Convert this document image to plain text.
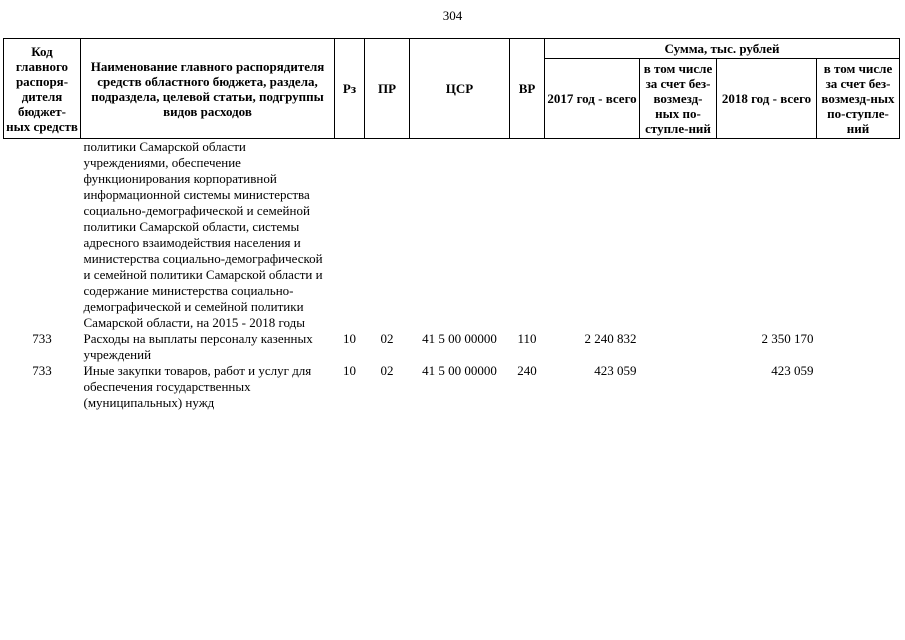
304
Код главного распоря-дителя бюджет-ных средств	Наименование главного распорядителя средств областного бюджета, раздела, подраздела, целевой статьи, подгруппы видов расходов	Рз	ПР	ЦСР	ВР	Сумма, тыс. рублей			
						2017 год - всего	в том числе за счет без-возмезд-ных по-ступле-ний	2018 год - всего	в том числе за счет без-возмезд-ных по-ступле-ний
	политики Самарской области учреждениями, обеспечение функционирования корпоративной информационной системы министерства социально-демографической и семейной политики Самарской области, системы адресного взаимодействия населения и министерства социально-демографической и семейной политики Самарской области и содержание министерства социально-демографической и семейной политики Самарской области, на 2015 - 2018 годы								
733	Расходы на выплаты персоналу казенных учреждений	10	02	41 5 00 00000	110	2 240 832		2 350 170	
733	Иные закупки товаров, работ и услуг для обеспечения государственных (муниципальных) нужд	10	02	41 5 00 00000	240	423 059		423 059	
